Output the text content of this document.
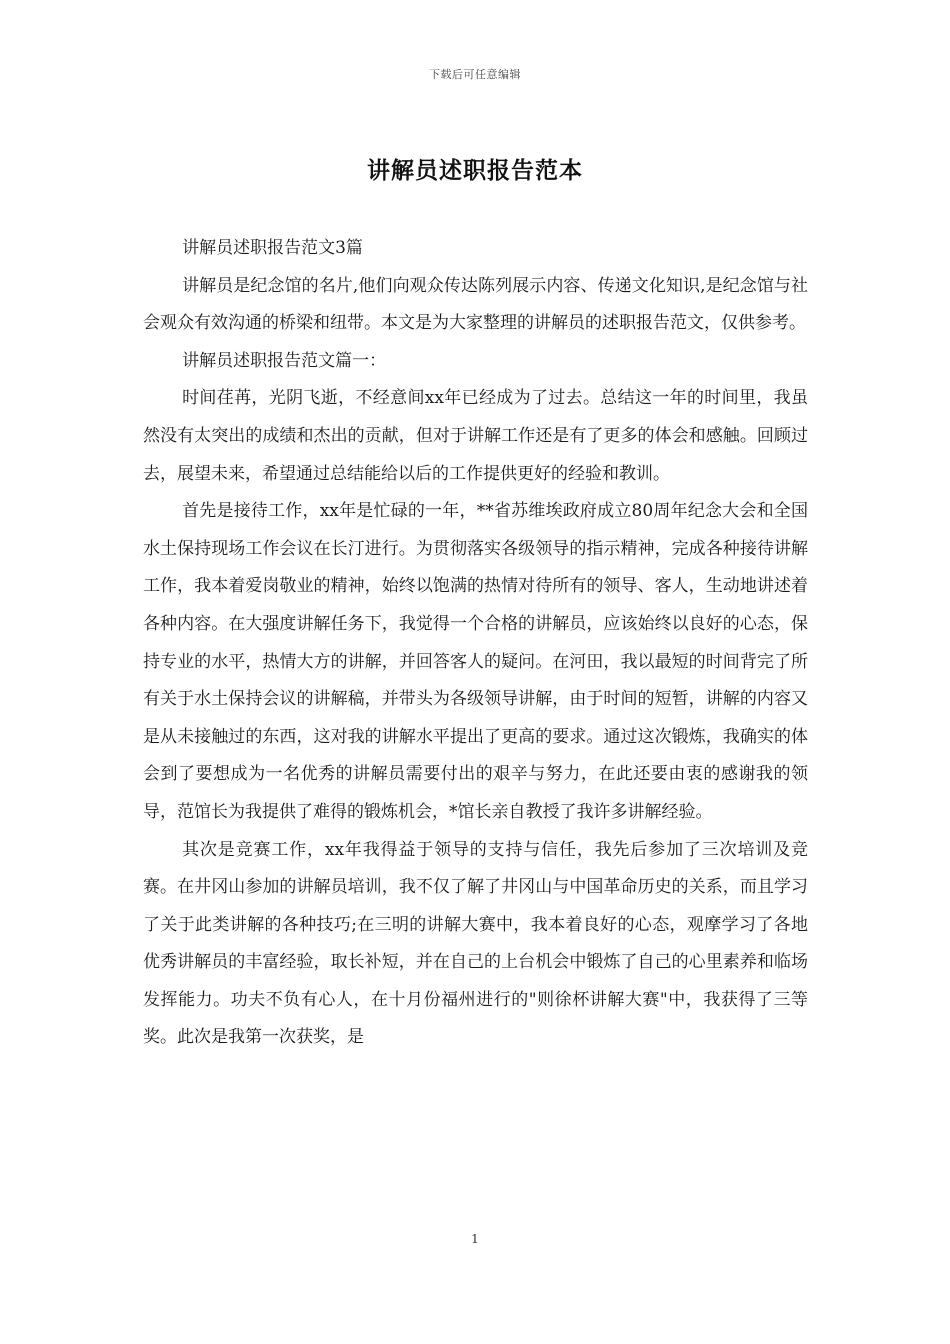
下载后可任意编辑
讲解员述职报告范本

讲解员述职报告范文3篇

讲解员是纪念馆的名片,他们向观众传达陈列展示内容、传递文化知识,是纪念馆与社会观众有效沟通的桥梁和纽带。本文是为大家整理的讲解员的述职报告范文，仅供参考。

讲解员述职报告范文篇一：

时间荏苒，光阴飞逝，不经意间xx年已经成为了过去。总结这一年的时间里，我虽然没有太突出的成绩和杰出的贡献，但对于讲解工作还是有了更多的体会和感触。回顾过去，展望未来，希望通过总结能给以后的工作提供更好的经验和教训。

首先是接待工作，xx年是忙碌的一年，**省苏维埃政府成立80周年纪念大会和全国水土保持现场工作会议在长汀进行。为贯彻落实各级领导的指示精神，完成各种接待讲解工作，我本着爱岗敬业的精神，始终以饱满的热情对待所有的领导、客人，生动地讲述着各种内容。在大强度讲解任务下，我觉得一个合格的讲解员，应该始终以良好的心态，保持专业的水平，热情大方的讲解，并回答客人的疑问。在河田，我以最短的时间背完了所有关于水土保持会议的讲解稿，并带头为各级领导讲解，由于时间的短暂，讲解的内容又是从未接触过的东西，这对我的讲解水平提出了更高的要求。通过这次锻炼，我确实的体会到了要想成为一名优秀的讲解员需要付出的艰辛与努力，在此还要由衷的感谢我的领导，范馆长为我提供了难得的锻炼机会，*馆长亲自教授了我许多讲解经验。

其次是竞赛工作，xx年我得益于领导的支持与信任，我先后参加了三次培训及竞赛。在井冈山参加的讲解员培训，我不仅了解了井冈山与中国革命历史的关系，而且学习了关于此类讲解的各种技巧;在三明的讲解大赛中，我本着良好的心态，观摩学习了各地优秀讲解员的丰富经验，取长补短，并在自己的上台机会中锻炼了自己的心里素养和临场发挥能力。功夫不负有心人，在十月份福州进行的"则徐杯讲解大赛"中，我获得了三等奖。此次是我第一次获奖，是

1
